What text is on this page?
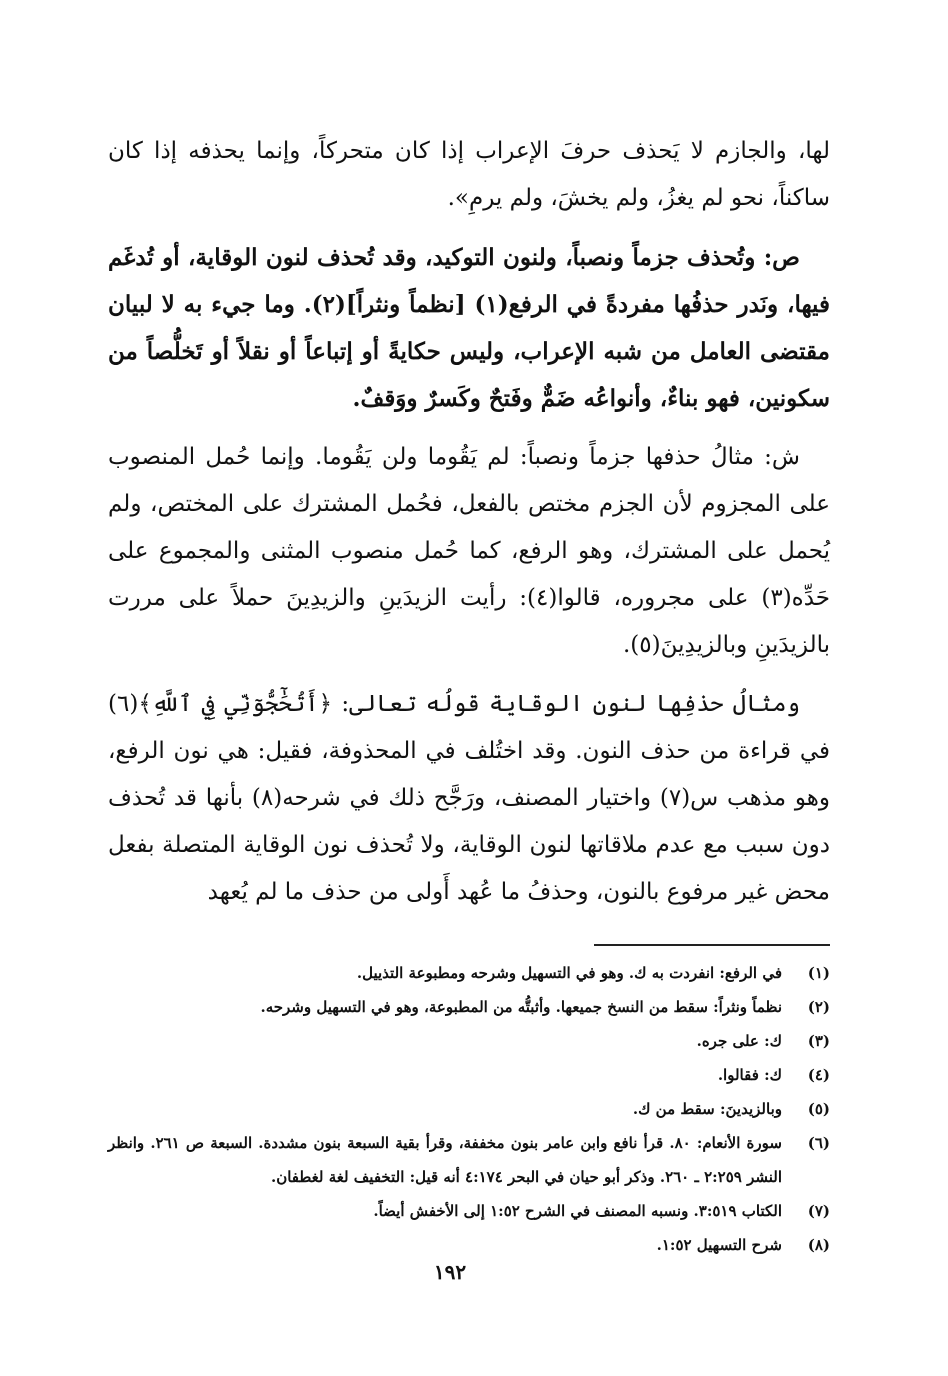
لها، والجازم لا يَحذف حرفَ الإعراب إذا كان متحركاً، وإنما يحذفه إذا كان ساكناً، نحو لم يغزُ، ولم يخشَ، ولم يرمِ».

ص: وتُحذف جزماً ونصباً، ولنون التوكيد، وقد تُحذف لنون الوقاية، أو تُدغَم فيها، ونَدر حذفُها مفردةً في الرفع(١) [نظماً ونثراً](٢). وما جيء به لا لبيان مقتضى العامل من شبه الإعراب، وليس حكايةً أو إتباعاً أو نقلاً أو تَخلُّصاً من سكونين، فهو بناءٌ، وأنواعُه ضَمٌّ وفَتحٌ وكَسرٌ ووَقفٌ.

ش: مثالُ حذفها جزماً ونصباً: لم يَقُوما ولن يَقُوما. وإنما حُمل المنصوب على المجزوم لأن الجزم مختص بالفعل، فحُمل المشترك على المختص، ولم يُحمل على المشترك، وهو الرفع، كما حُمل منصوب المثنى والمجموع على حَدِّه(٣) على مجروره، قالوا(٤): رأيت الزيدَينِ والزيدِينَ حملاً على مررت بالزيدَينِ وبالزيدِينَ(٥).

ومثالُ حذفِها لنون الوقاية قولُه تعالى: ﴿أَتُحَٰٓجُّوٓنِّي فِي ٱللَّهِ﴾(٦) في قراءة من حذف النون. وقد اختُلف في المحذوفة، فقيل: هي نون الرفع، وهو مذهب س(٧) واختيار المصنف، ورَجَّح ذلك في شرحه(٨) بأنها قد تُحذف دون سبب مع عدم ملاقاتها لنون الوقاية، ولا تُحذف نون الوقاية المتصلة بفعل محض غير مرفوع بالنون، وحذفُ ما عُهد أَولى من حذف ما لم يُعهد

(١)
في الرفع: انفردت به ك. وهو في التسهيل وشرحه ومطبوعة التذييل.
(٢)
نظماً ونثراً: سقط من النسخ جميعها. وأثبتُّه من المطبوعة، وهو في التسهيل وشرحه.
(٣)
ك: على جره.
(٤)
ك: فقالوا.
(٥)
وبالزيدينَ: سقط من ك.
(٦)
سورة الأنعام: ٨٠. قرأ نافع وابن عامر بنون مخففة، وقرأ بقية السبعة بنون مشددة. السبعة ص ٢٦١. وانظر النشر ٢:٢٥٩ ـ ٢٦٠. وذكر أبو حيان في البحر ٤:١٧٤ أنه قيل: التخفيف لغة لغطفان.
(٧)
الكتاب ٣:٥١٩. ونسبه المصنف في الشرح ١:٥٢ إلى الأخفش أيضاً.
(٨)
شرح التسهيل ١:٥٢.
١٩٢
